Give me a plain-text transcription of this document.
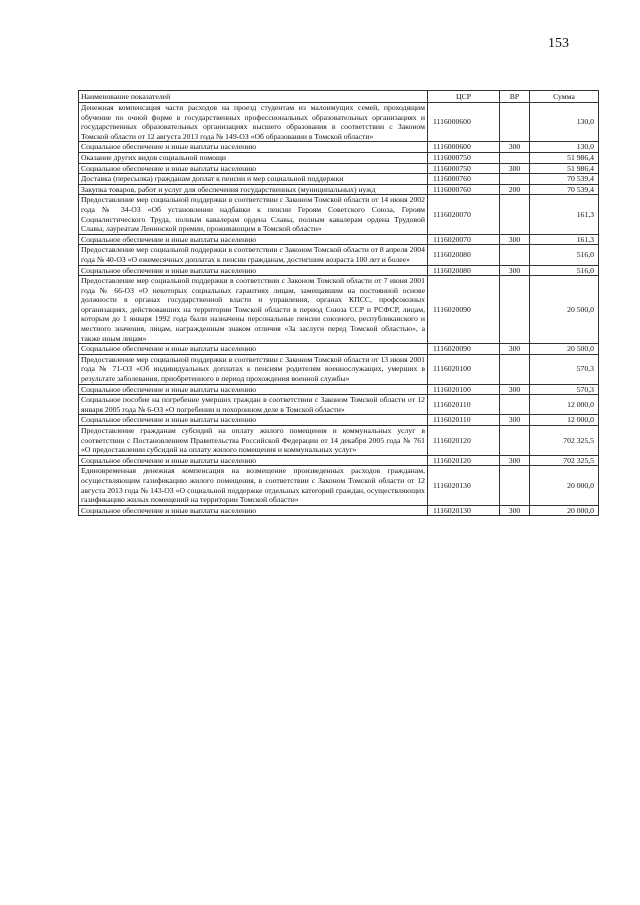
153
Наименование показателей	ЦСР	ВР	Сумма
Денежная компенсация части расходов на проезд студентам из малоимущих семей, проходящим обучение по очной форме в государственных профессиональных образовательных организациях и государственных образовательных организациях высшего образования в соответствии с Законом Томской области от 12 августа 2013 года № 149-ОЗ «Об образовании в Томской области»	1116000600		130,0
Социальное обеспечение и иные выплаты населению	1116000600	300	130,0
Оказание других видов социальной помощи	1116000750		51 986,4
Социальное обеспечение и иные выплаты населению	1116000750	300	51 986,4
Доставка (пересылка) гражданам доплат к пенсии и мер социальной поддержки	1116000760		70 539,4
Закупка товаров, работ и услуг для обеспечения государственных (муниципальных) нужд	1116000760	200	70 539,4
Предоставление мер социальной поддержки в соответствии с Законом Томской области от 14 июня 2002 года № 34-ОЗ «Об установлении надбавки к пенсии Героям Советского Союза, Героям Социалистического Труда, полным кавалерам ордена Славы, полным кавалерам ордена Трудовой Славы, лауреатам Ленинской премии, проживающим в Томской области»	1116020070		161,3
Социальное обеспечение и иные выплаты населению	1116020070	300	161,3
Предоставление мер социальной поддержки в соответствии с Законом Томской области от 8 апреля 2004 года № 40-ОЗ «О ежемесячных доплатах к пенсии гражданам, достигшим возраста 100 лет и более»	1116020080		516,0
Социальное обеспечение и иные выплаты населению	1116020080	300	516,0
Предоставление мер социальной поддержки в соответствии с Законом Томской области от 7 июня 2001 года № 66-ОЗ «О некоторых социальных гарантиях лицам, замещавшим на постоянной основе должности в органах государственной власти и управления, органах КПСС, профсоюзных организациях, действовавших на территории Томской области в период Союза ССР и РСФСР, лицам, которым до 1 января 1992 года были назначены персональные пенсии союзного, республиканского и местного значения, лицам, награжденным знаком отличия «За заслуги перед Томской областью», а также иным лицам»	1116020090		20 500,0
Социальное обеспечение и иные выплаты населению	1116020090	300	20 500,0
Предоставление мер социальной поддержки в соответствии с Законом Томской области от 13 июня 2001 года № 71-ОЗ «Об индивидуальных доплатах к пенсиям родителям военнослужащих, умерших в результате заболевания, приобретенного в период прохождения военной службы»	1116020100		570,3
Социальное обеспечение и иные выплаты населению	1116020100	300	570,3
Социальное пособие на погребение умерших граждан в соответствии с Законом Томской области от 12 января 2005 года № 6-ОЗ «О погребении и похоронном деле в Томской области»	1116020110		12 000,0
Социальное обеспечение и иные выплаты населению	1116020110	300	12 000,0
Предоставление гражданам субсидий на оплату жилого помещения и коммунальных услуг в соответствии с Постановлением Правительства Российской Федерации от 14 декабря 2005 года № 761 «О предоставлении субсидий на оплату жилого помещения и коммунальных услуг»	1116020120		702 325,5
Социальное обеспечение и иные выплаты населению	1116020120	300	702 325,5
Единовременная денежная компенсация на возмещение произведенных расходов гражданам, осуществляющим газификацию жилого помещения, в соответствии с Законом Томской области от 12 августа 2013 года № 143-ОЗ «О социальной поддержке отдельных категорий граждан, осуществляющих газификацию жилых помещений на территории Томской области»	1116020130		20 000,0
Социальное обеспечение и иные выплаты населению	1116020130	300	20 000,0
